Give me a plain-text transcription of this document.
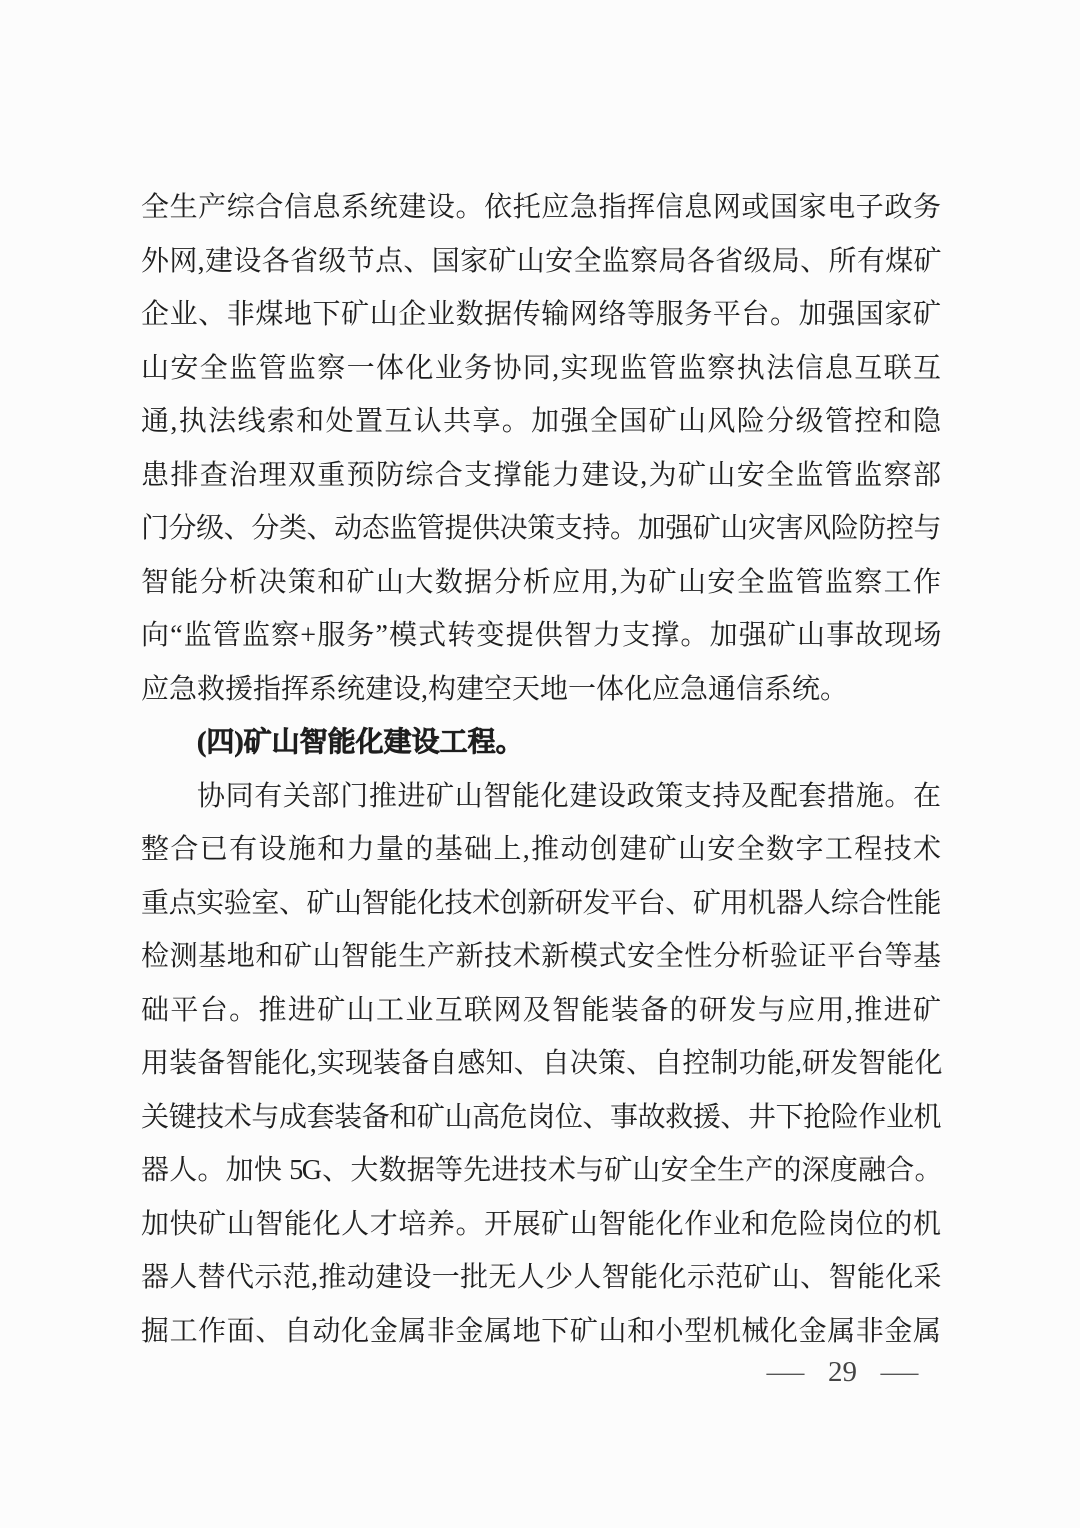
全生产综合信息系统建设。依托应急指挥信息网或国家电子政务
外网,建设各省级节点、国家矿山安全监察局各省级局、所有煤矿
企业、非煤地下矿山企业数据传输网络等服务平台。加强国家矿
山安全监管监察一体化业务协同,实现监管监察执法信息互联互
通,执法线索和处置互认共享。加强全国矿山风险分级管控和隐
患排查治理双重预防综合支撑能力建设,为矿山安全监管监察部
门分级、分类、动态监管提供决策支持。加强矿山灾害风险防控与
智能分析决策和矿山大数据分析应用,为矿山安全监管监察工作
向“监管监察+服务”模式转变提供智力支撑。加强矿山事故现场
应急救援指挥系统建设,构建空天地一体化应急通信系统。
(四)矿山智能化建设工程。
协同有关部门推进矿山智能化建设政策支持及配套措施。在
整合已有设施和力量的基础上,推动创建矿山安全数字工程技术
重点实验室、矿山智能化技术创新研发平台、矿用机器人综合性能
检测基地和矿山智能生产新技术新模式安全性分析验证平台等基
础平台。推进矿山工业互联网及智能装备的研发与应用,推进矿
用装备智能化,实现装备自感知、自决策、自控制功能,研发智能化
关键技术与成套装备和矿山高危岗位、事故救援、井下抢险作业机
器人。加快 5G、大数据等先进技术与矿山安全生产的深度融合。
加快矿山智能化人才培养。开展矿山智能化作业和危险岗位的机
器人替代示范,推动建设一批无人少人智能化示范矿山、智能化采
掘工作面、自动化金属非金属地下矿山和小型机械化金属非金属
— 29 —
